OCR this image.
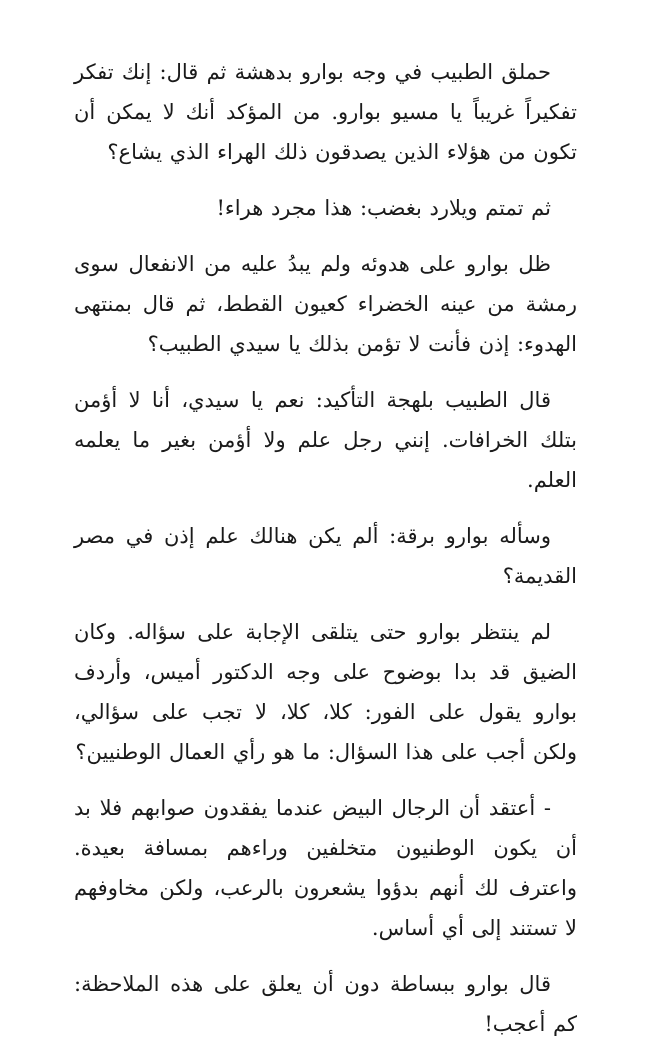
حملق الطبيب في وجه بوارو بدهشة ثم قال: إنك تفكر تفكيراً غريباً يا مسيو بوارو. من المؤكد أنك لا يمكن أن تكون من هؤلاء الذين يصدقون ذلك الهراء الذي يشاع؟

ثم تمتم ويلارد بغضب: هذا مجرد هراء!

ظل بوارو على هدوئه ولم يبدُ عليه من الانفعال سوى رمشة من عينه الخضراء كعيون القطط، ثم قال بمنتهى الهدوء: إذن فأنت لا تؤمن بذلك يا سيدي الطبيب؟

قال الطبيب بلهجة التأكيد: نعم يا سيدي، أنا لا أؤمن بتلك الخرافات. إنني رجل علم ولا أؤمن بغير ما يعلمه العلم.

وسأله بوارو برقة: ألم يكن هنالك علم إذن في مصر القديمة؟

لم ينتظر بوارو حتى يتلقى الإجابة على سؤاله. وكان الضيق قد بدا بوضوح على وجه الدكتور أميس، وأردف بوارو يقول على الفور: كلا، كلا، لا تجب على سؤالي، ولكن أجب على هذا السؤال: ما هو رأي العمال الوطنيين؟

- أعتقد أن الرجال البيض عندما يفقدون صوابهم فلا بد أن يكون الوطنيون متخلفين وراءهم بمسافة بعيدة. واعترف لك أنهم بدؤوا يشعرون بالرعب، ولكن مخاوفهم لا تستند إلى أي أساس.

قال بوارو ببساطة دون أن يعلق على هذه الملاحظة: كم أعجب!
